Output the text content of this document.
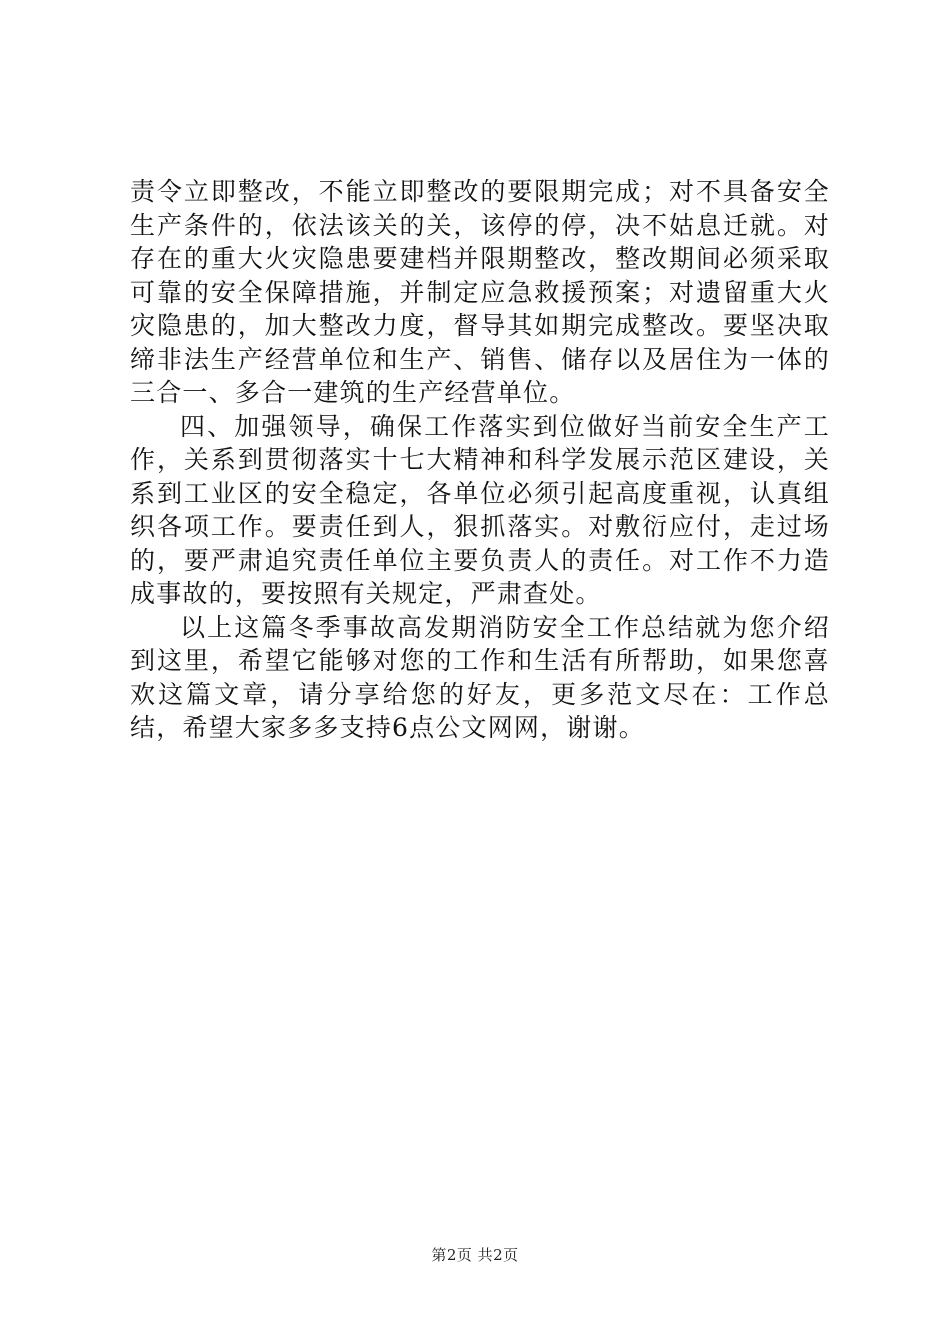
责令立即整改，不能立即整改的要限期完成；对不具备安全生产条件的，依法该关的关，该停的停，决不姑息迁就。对存在的重大火灾隐患要建档并限期整改，整改期间必须采取可靠的安全保障措施，并制定应急救援预案；对遗留重大火灾隐患的，加大整改力度，督导其如期完成整改。要坚决取缔非法生产经营单位和生产、销售、储存以及居住为一体的三合一、多合一建筑的生产经营单位。

四、加强领导，确保工作落实到位做好当前安全生产工作，关系到贯彻落实十七大精神和科学发展示范区建设，关系到工业区的安全稳定，各单位必须引起高度重视，认真组织各项工作。要责任到人，狠抓落实。对敷衍应付，走过场的，要严肃追究责任单位主要负责人的责任。对工作不力造成事故的，要按照有关规定，严肃查处。

以上这篇冬季事故高发期消防安全工作总结就为您介绍到这里，希望它能够对您的工作和生活有所帮助，如果您喜欢这篇文章，请分享给您的好友，更多范文尽在：工作总结，希望大家多多支持6点公文网网，谢谢。

第2页 共2页
